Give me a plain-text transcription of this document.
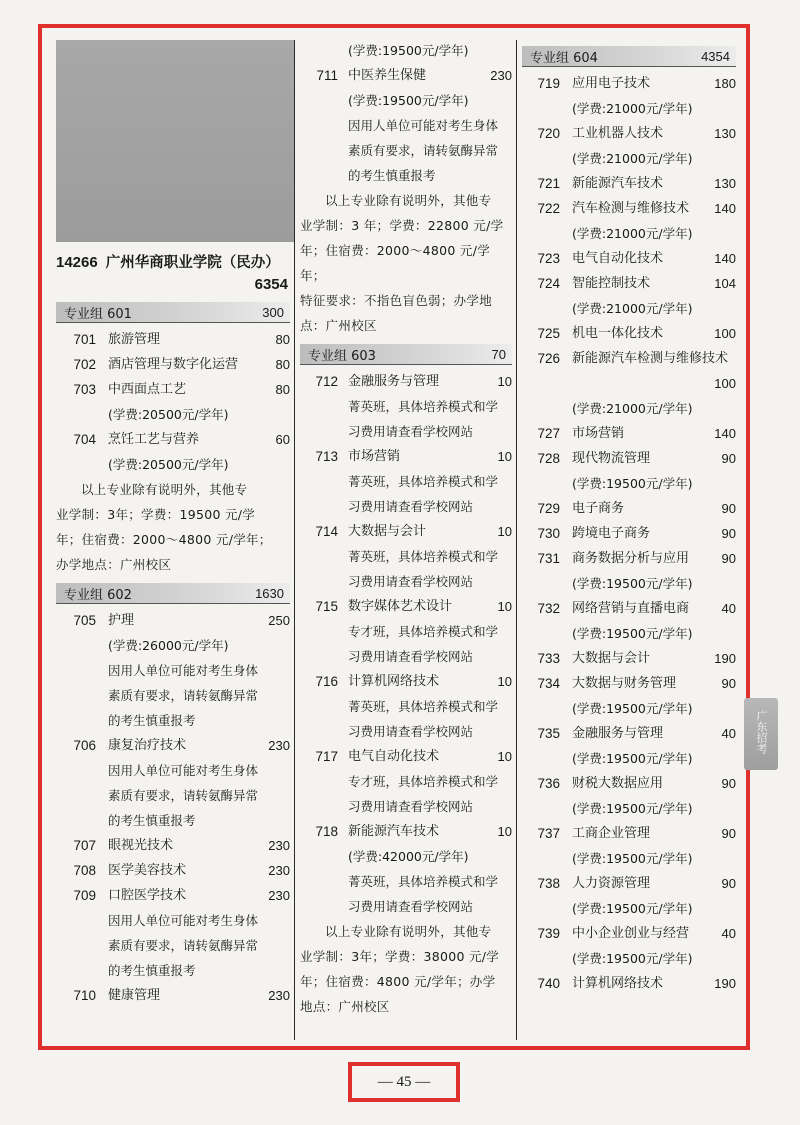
14266 广州华商职业学院（民办）
6354
专业组 601	300
701 旅游管理	80
702 酒店管理与数字化运营	80
703 中西面点工艺	80
(学费:20500元/学年)
704 烹饪工艺与营养	60
(学费:20500元/学年)
以上专业除有说明外，其他专
业学制：3年；学费：19500 元/学
年；住宿费：2000～4800 元/学年；
办学地点：广州校区
专业组 602	1630
705 护理	250
(学费:26000元/学年)
因用人单位可能对考生身体
素质有要求，请转氨酶异常
的考生慎重报考
706 康复治疗技术	230
因用人单位可能对考生身体
素质有要求，请转氨酶异常
的考生慎重报考
707 眼视光技术	230
708 医学美容技术	230
709 口腔医学技术	230
因用人单位可能对考生身体
素质有要求，请转氨酶异常
的考生慎重报考
710 健康管理	230
(学费:19500元/学年)
711 中医养生保健	230
(学费:19500元/学年)
因用人单位可能对考生身体
素质有要求，请转氨酶异常
的考生慎重报考
以上专业除有说明外，其他专
业学制：3 年；学费：22800 元/学
年；住宿费：2000～4800 元/学年；
特征要求：不指色盲色弱；办学地
点：广州校区
专业组 603	70
712 金融服务与管理	10
菁英班，具体培养模式和学
习费用请查看学校网站
713 市场营销	10
菁英班，具体培养模式和学
习费用请查看学校网站
714 大数据与会计	10
菁英班，具体培养模式和学
习费用请查看学校网站
715 数字媒体艺术设计	10
专才班，具体培养模式和学
习费用请查看学校网站
716 计算机网络技术	10
菁英班，具体培养模式和学
习费用请查看学校网站
717 电气自动化技术	10
专才班，具体培养模式和学
习费用请查看学校网站
718 新能源汽车技术	10
(学费:42000元/学年)
菁英班，具体培养模式和学
习费用请查看学校网站
以上专业除有说明外，其他专
业学制：3年；学费：38000 元/学
年；住宿费：4800 元/学年；办学
地点：广州校区
专业组 604	4354
719 应用电子技术	180
(学费:21000元/学年)
720 工业机器人技术	130
(学费:21000元/学年)
721 新能源汽车技术	130
722 汽车检测与维修技术	140
(学费:21000元/学年)
723 电气自动化技术	140
724 智能控制技术	104
(学费:21000元/学年)
725 机电一体化技术	100
726 新能源汽车检测与维修技术
100
(学费:21000元/学年)
727 市场营销	140
728 现代物流管理	90
(学费:19500元/学年)
729 电子商务	90
730 跨境电子商务	90
731 商务数据分析与应用	90
(学费:19500元/学年)
732 网络营销与直播电商	40
(学费:19500元/学年)
733 大数据与会计	190
734 大数据与财务管理	90
(学费:19500元/学年)
735 金融服务与管理	40
(学费:19500元/学年)
736 财税大数据应用	90
(学费:19500元/学年)
737 工商企业管理	90
(学费:19500元/学年)
738 人力资源管理	90
(学费:19500元/学年)
739 中小企业创业与经营	40
(学费:19500元/学年)
740 计算机网络技术	190
广东招考
— 45 —
